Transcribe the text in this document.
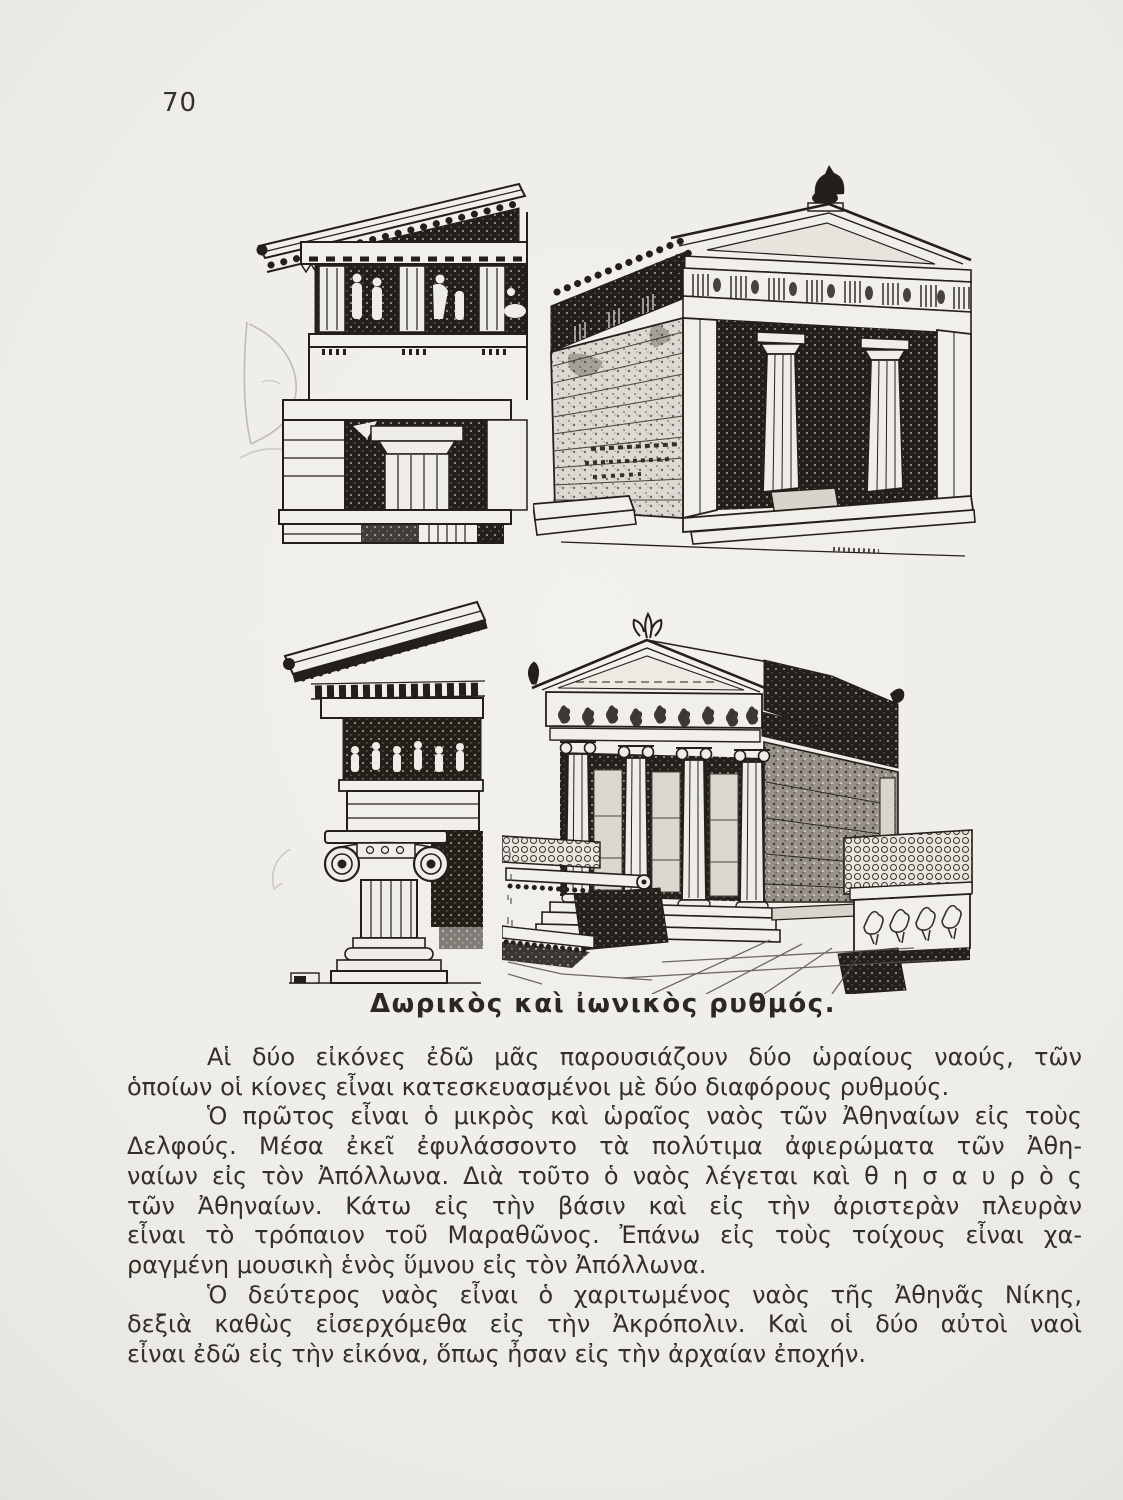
70
Δωρικὸς καὶ ἰωνικὸς ρυθμός.
Αἱ δύο εἰκόνες ἐδῶ μᾶς παρουσιάζουν δύο ὡραίους ναούς, τῶν
ὁποίων οἱ κίονες εἶναι κατεσκευασμένοι μὲ δύο διαφόρους ρυθμούς.
Ὁ πρῶτος εἶναι ὁ μικρὸς καὶ ὡραῖος ναὸς τῶν Ἀθηναίων εἰς τοὺς
Δελφούς. Μέσα ἐκεῖ ἐφυλάσσοντο τὰ πολύτιμα ἀφιερώματα τῶν Ἀθη-
ναίων εἰς τὸν Ἀπόλλωνα. Διὰ τοῦτο ὁ ναὸς λέγεται καὶ θ η σ α υ ρ ὸ ς
τῶν Ἀθηναίων. Κάτω εἰς τὴν βάσιν καὶ εἰς τὴν ἀριστερὰν πλευρὰν
εἶναι τὸ τρόπαιον τοῦ Μαραθῶνος. Ἐπάνω εἰς τοὺς τοίχους εἶναι χα-
ραγμένη μουσικὴ ἑνὸς ὕμνου εἰς τὸν Ἀπόλλωνα.
Ὁ δεύτερος ναὸς εἶναι ὁ χαριτωμένος ναὸς τῆς Ἀθηνᾶς Νίκης,
δεξιὰ καθὼς εἰσερχόμεθα εἰς τὴν Ἀκρόπολιν. Καὶ οἱ δύο αὐτοὶ ναοὶ
εἶναι ἐδῶ εἰς τὴν εἰκόνα, ὅπως ἦσαν εἰς τὴν ἀρχαίαν ἐποχήν.
